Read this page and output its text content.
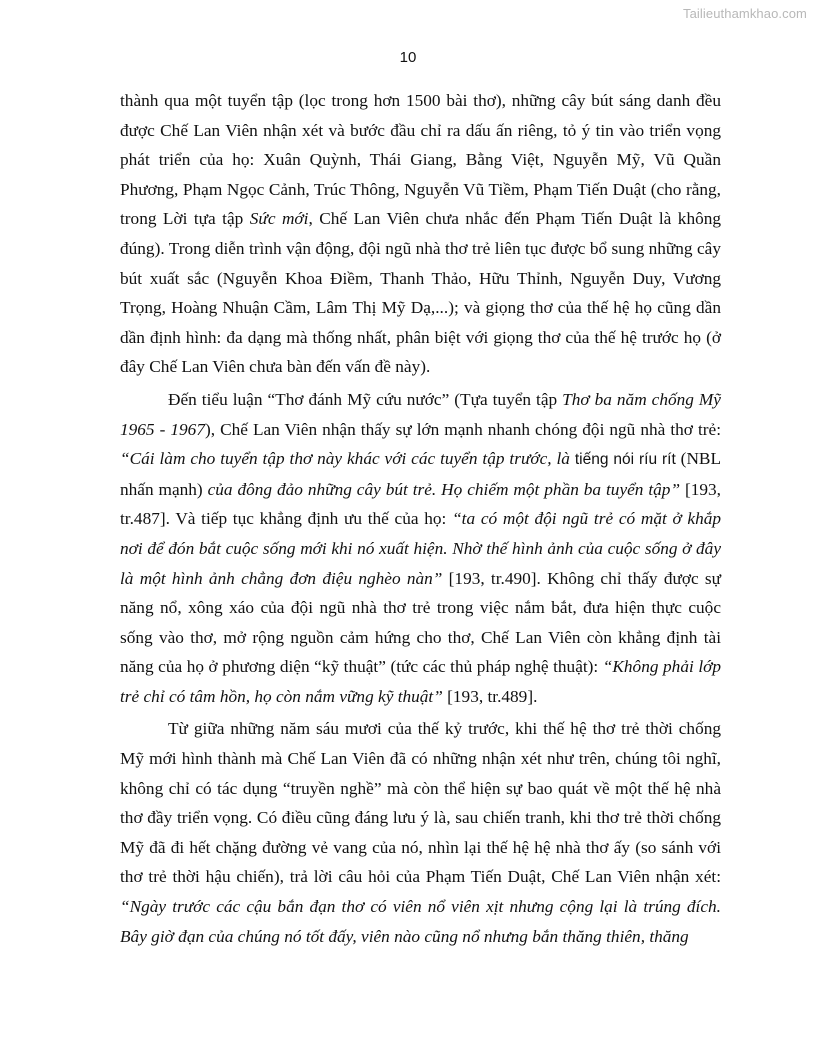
Tailieuthamkhao.com
10

thành qua một tuyển tập (lọc trong hơn 1500 bài thơ), những cây bút sáng danh đều được Chế Lan Viên nhận xét và bước đầu chỉ ra dấu ấn riêng, tỏ ý tin vào triển vọng phát triển của họ: Xuân Quỳnh, Thái Giang, Bằng Việt, Nguyễn Mỹ, Vũ Quần Phương, Phạm Ngọc Cảnh, Trúc Thông, Nguyễn Vũ Tiềm, Phạm Tiến Duật (cho rằng, trong Lời tựa tập Sức mới, Chế Lan Viên chưa nhắc đến Phạm Tiến Duật là không đúng). Trong diễn trình vận động, đội ngũ nhà thơ trẻ liên tục được bổ sung những cây bút xuất sắc (Nguyễn Khoa Điềm, Thanh Thảo, Hữu Thỉnh, Nguyễn Duy, Vương Trọng, Hoàng Nhuận Cầm, Lâm Thị Mỹ Dạ,...); và giọng thơ của thế hệ họ cũng dần dần định hình: đa dạng mà thống nhất, phân biệt với giọng thơ của thế hệ trước họ (ở đây Chế Lan Viên chưa bàn đến vấn đề này).

Đến tiểu luận “Thơ đánh Mỹ cứu nước” (Tựa tuyển tập Thơ ba năm chống Mỹ 1965 - 1967), Chế Lan Viên nhận thấy sự lớn mạnh nhanh chóng đội ngũ nhà thơ trẻ: “Cái làm cho tuyển tập thơ này khác với các tuyển tập trước, là tiếng nói ríu rít (NBL nhấn mạnh) của đông đảo những cây bút trẻ. Họ chiếm một phần ba tuyển tập” [193, tr.487]. Và tiếp tục khẳng định ưu thế của họ: “ta có một đội ngũ trẻ có mặt ở khắp nơi để đón bắt cuộc sống mới khi nó xuất hiện. Nhờ thế hình ảnh của cuộc sống ở đây là một hình ảnh chẳng đơn điệu nghèo nàn” [193, tr.490]. Không chỉ thấy được sự năng nổ, xông xáo của đội ngũ nhà thơ trẻ trong việc nắm bắt, đưa hiện thực cuộc sống vào thơ, mở rộng nguồn cảm hứng cho thơ, Chế Lan Viên còn khẳng định tài năng của họ ở phương diện “kỹ thuật” (tức các thủ pháp nghệ thuật): “Không phải lớp trẻ chỉ có tâm hồn, họ còn nắm vững kỹ thuật” [193, tr.489].

Từ giữa những năm sáu mươi của thế kỷ trước, khi thế hệ thơ trẻ thời chống Mỹ mới hình thành mà Chế Lan Viên đã có những nhận xét như trên, chúng tôi nghĩ, không chỉ có tác dụng “truyền nghề” mà còn thể hiện sự bao quát về một thế hệ nhà thơ đầy triển vọng. Có điều cũng đáng lưu ý là, sau chiến tranh, khi thơ trẻ thời chống Mỹ đã đi hết chặng đường vẻ vang của nó, nhìn lại thế hệ hệ nhà thơ ấy (so sánh với thơ trẻ thời hậu chiến), trả lời câu hỏi của Phạm Tiến Duật, Chế Lan Viên nhận xét: “Ngày trước các cậu bắn đạn thơ có viên nổ viên xịt nhưng cộng lại là trúng đích. Bây giờ đạn của chúng nó tốt đấy, viên nào cũng nổ nhưng bắn thăng thiên, thăng
